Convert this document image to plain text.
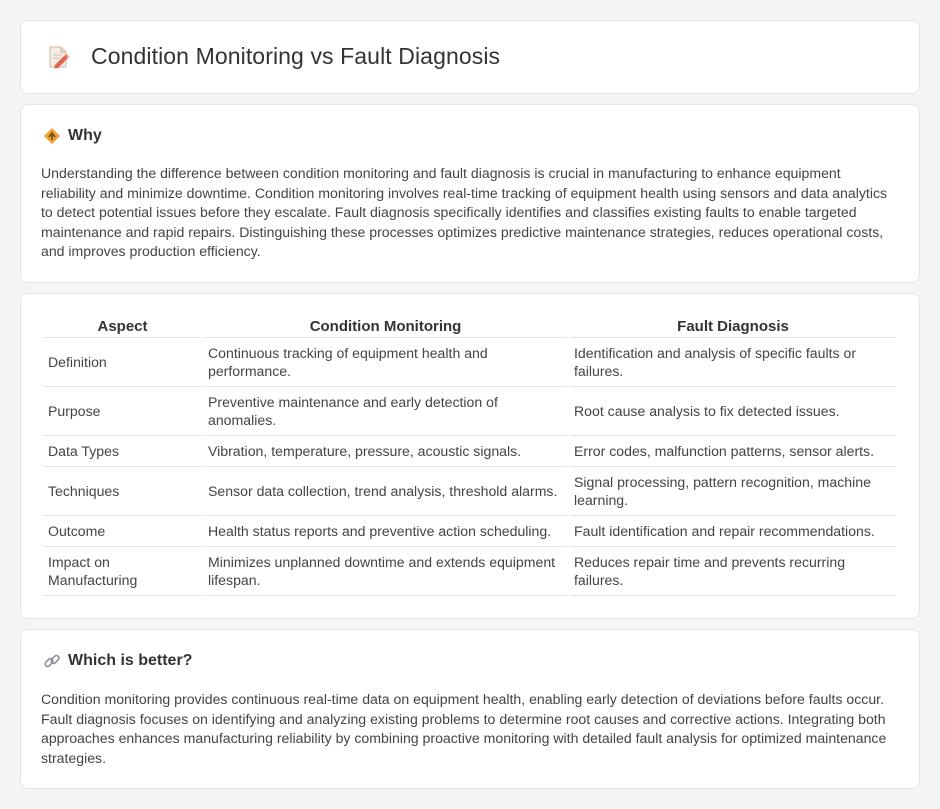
Condition Monitoring vs Fault Diagnosis
Why

Understanding the difference between condition monitoring and fault diagnosis is crucial in manufacturing to enhance equipment reliability and minimize downtime. Condition monitoring involves real-time tracking of equipment health using sensors and data analytics to detect potential issues before they escalate. Fault diagnosis specifically identifies and classifies existing faults to enable targeted maintenance and rapid repairs. Distinguishing these processes optimizes predictive maintenance strategies, reduces operational costs, and improves production efficiency.

Aspect	Condition Monitoring	Fault Diagnosis
Definition	Continuous tracking of equipment health and performance.	Identification and analysis of specific faults or failures.
Purpose	Preventive maintenance and early detection of anomalies.	Root cause analysis to fix detected issues.
Data Types	Vibration, temperature, pressure, acoustic signals.	Error codes, malfunction patterns, sensor alerts.
Techniques	Sensor data collection, trend analysis, threshold alarms.	Signal processing, pattern recognition, machine learning.
Outcome	Health status reports and preventive action scheduling.	Fault identification and repair recommendations.
Impact on Manufacturing	Minimizes unplanned downtime and extends equipment lifespan.	Reduces repair time and prevents recurring failures.
Which is better?

Condition monitoring provides continuous real-time data on equipment health, enabling early detection of deviations before faults occur. Fault diagnosis focuses on identifying and analyzing existing problems to determine root causes and corrective actions. Integrating both approaches enhances manufacturing reliability by combining proactive monitoring with detailed fault analysis for optimized maintenance strategies.
